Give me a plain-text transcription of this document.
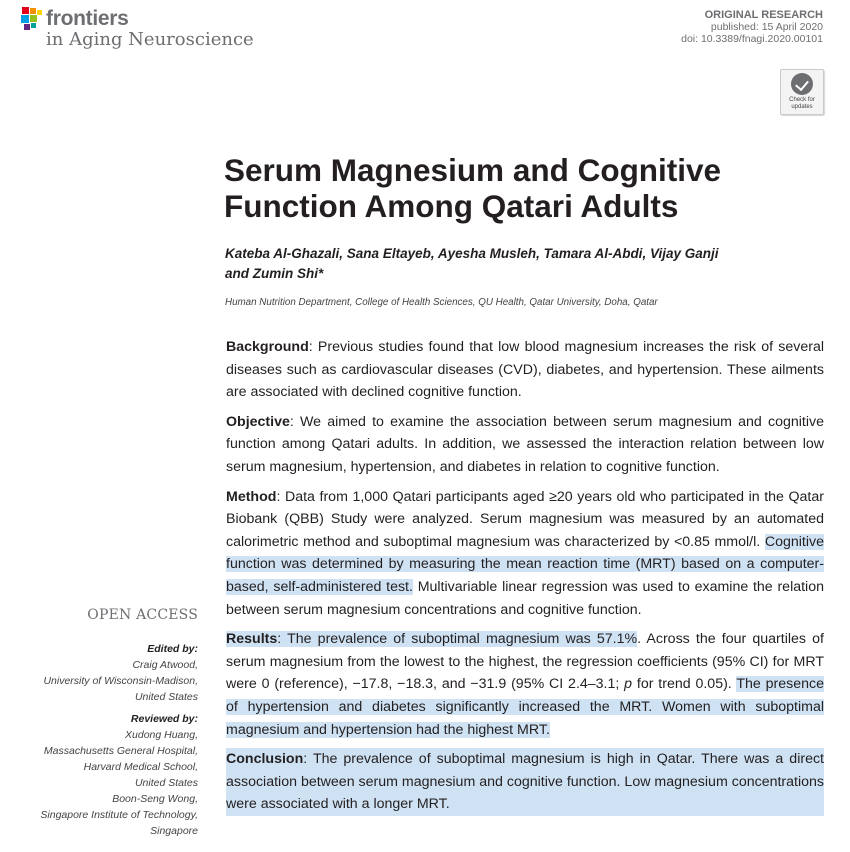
frontiers
in Aging Neuroscience
ORIGINAL RESEARCH
published: 15 April 2020
doi: 10.3389/fnagi.2020.00101
Check for
updates
Serum Magnesium and Cognitive Function Among Qatari Adults
Kateba Al-Ghazali, Sana Eltayeb, Ayesha Musleh, Tamara Al-Abdi, Vijay Ganji
and Zumin Shi*
Human Nutrition Department, College of Health Sciences, QU Health, Qatar University, Doha, Qatar

Background: Previous studies found that low blood magnesium increases the risk of several diseases such as cardiovascular diseases (CVD), diabetes, and hypertension. These ailments are associated with declined cognitive function.

Objective: We aimed to examine the association between serum magnesium and cognitive function among Qatari adults. In addition, we assessed the interaction relation between low serum magnesium, hypertension, and diabetes in relation to cognitive function.

Method: Data from 1,000 Qatari participants aged ≥20 years old who participated in the Qatar Biobank (QBB) Study were analyzed. Serum magnesium was measured by an automated calorimetric method and suboptimal magnesium was characterized by <0.85 mmol/l. Cognitive function was determined by measuring the mean reaction time (MRT) based on a computer-based, self-administered test. Multivariable linear regression was used to examine the relation between serum magnesium concentrations and cognitive function.

Results: The prevalence of suboptimal magnesium was 57.1%. Across the four quartiles of serum magnesium from the lowest to the highest, the regression coefficients (95% CI) for MRT were 0 (reference), −17.8, −18.3, and −31.9 (95% CI 2.4–3.1; p for trend 0.05). The presence of hypertension and diabetes significantly increased the MRT. Women with suboptimal magnesium and hypertension had the highest MRT.

Conclusion: The prevalence of suboptimal magnesium is high in Qatar. There was a direct association between serum magnesium and cognitive function. Low magnesium concentrations were associated with a longer MRT.

OPEN ACCESS
Edited by:
Craig Atwood,
University of Wisconsin-Madison,
United States
Reviewed by:
Xudong Huang,
Massachusetts General Hospital,
Harvard Medical School,
United States
Boon-Seng Wong,
Singapore Institute of Technology,
Singapore
